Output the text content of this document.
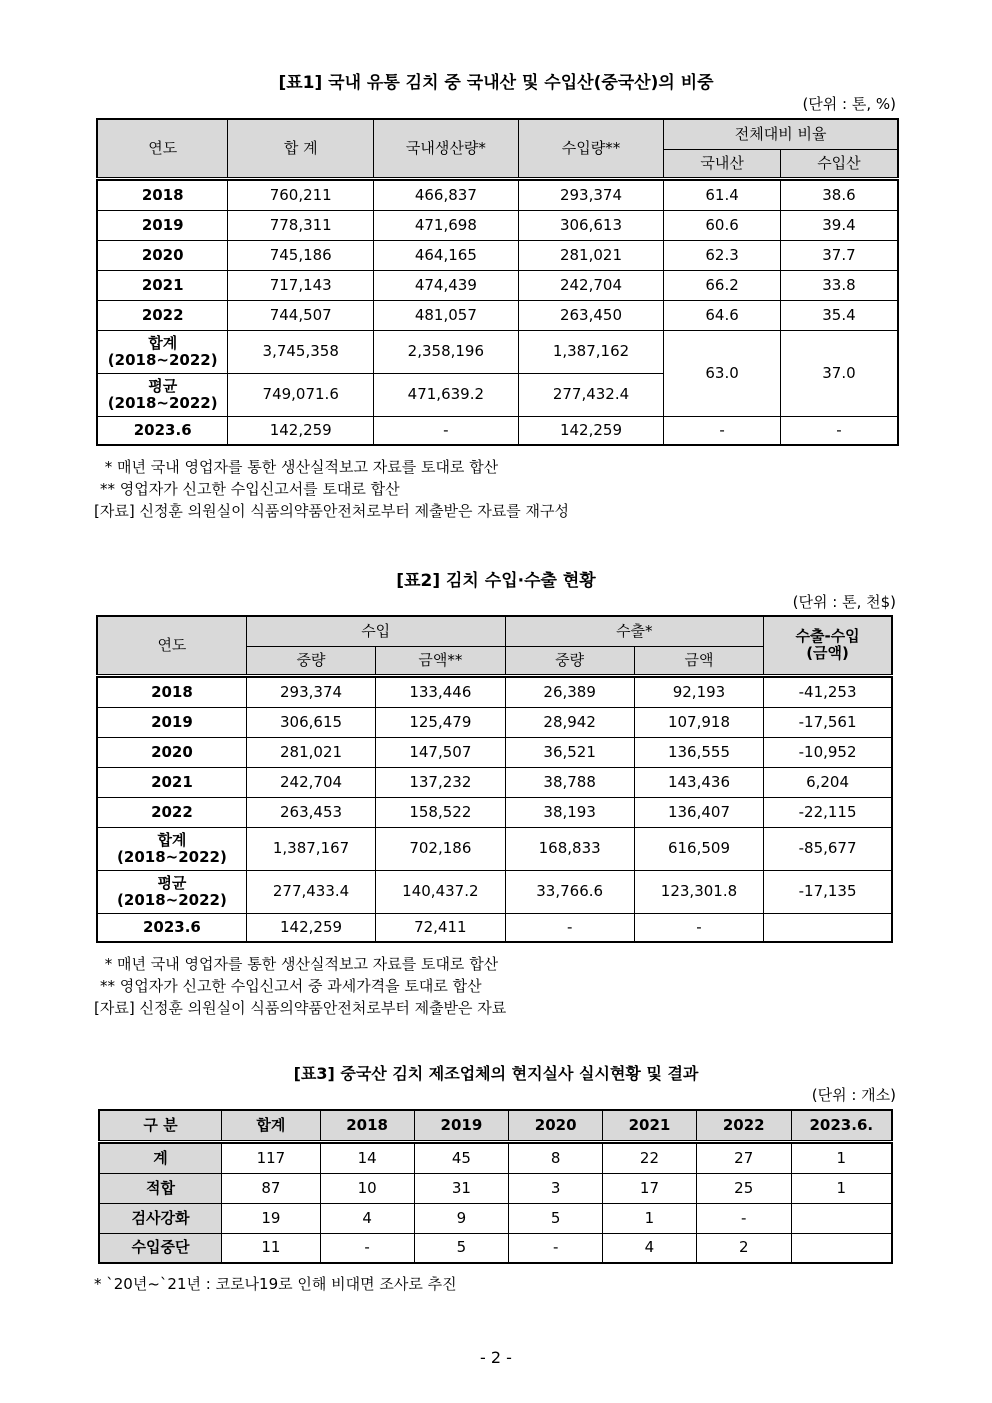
[표1] 국내 유통 김치 중 국내산 및 수입산(중국산)의 비중
(단위 : 톤, %)
연도	합 계	국내생산량*	수입량**	전체대비 비율	
				국내산	수입산

2018	760,211	466,837	293,374	61.4	38.6
2019	778,311	471,698	306,613	60.6	39.4
2020	745,186	464,165	281,021	62.3	37.7
2021	717,143	474,439	242,704	66.2	33.8
2022	744,507	481,057	263,450	64.6	35.4
합계
(2018~2022)	3,745,358	2,358,196	1,387,162	63.0	37.0
평균
(2018~2022)	749,071.6	471,639.2	277,432.4		
2023.6	142,259	-	142,259	-	-
* 매년 국내 영업자를 통한 생산실적보고 자료를 토대로 합산
** 영업자가 신고한 수입신고서를 토대로 합산
[자료] 신정훈 의원실이 식품의약품안전처로부터 제출받은 자료를 재구성
[표2] 김치 수입·수출 현황
(단위 : 톤, 천$)
연도	수입		수출*		수출-수입
(금액)
	중량	금액**	중량	금액	

2018	293,374	133,446	26,389	92,193	-41,253
2019	306,615	125,479	28,942	107,918	-17,561
2020	281,021	147,507	36,521	136,555	-10,952
2021	242,704	137,232	38,788	143,436	6,204
2022	263,453	158,522	38,193	136,407	-22,115
합계
(2018~2022)	1,387,167	702,186	168,833	616,509	-85,677
평균
(2018~2022)	277,433.4	140,437.2	33,766.6	123,301.8	-17,135
2023.6	142,259	72,411	-	-	
* 매년 국내 영업자를 통한 생산실적보고 자료를 토대로 합산
** 영업자가 신고한 수입신고서 중 과세가격을 토대로 합산
[자료] 신정훈 의원실이 식품의약품안전처로부터 제출받은 자료
[표3] 중국산 김치 제조업체의 현지실사 실시현황 및 결과
(단위 : 개소)
구 분	합계	2018	2019	2020	2021	2022	2023.6.

계	117	14	45	8	22	27	1
적합	87	10	31	3	17	25	1
검사강화	19	4	9	5	1	-	
수입중단	11	-	5	-	4	2	
* `20년~`21년 : 코로나19로 인해 비대면 조사로 추진
- 2 -
